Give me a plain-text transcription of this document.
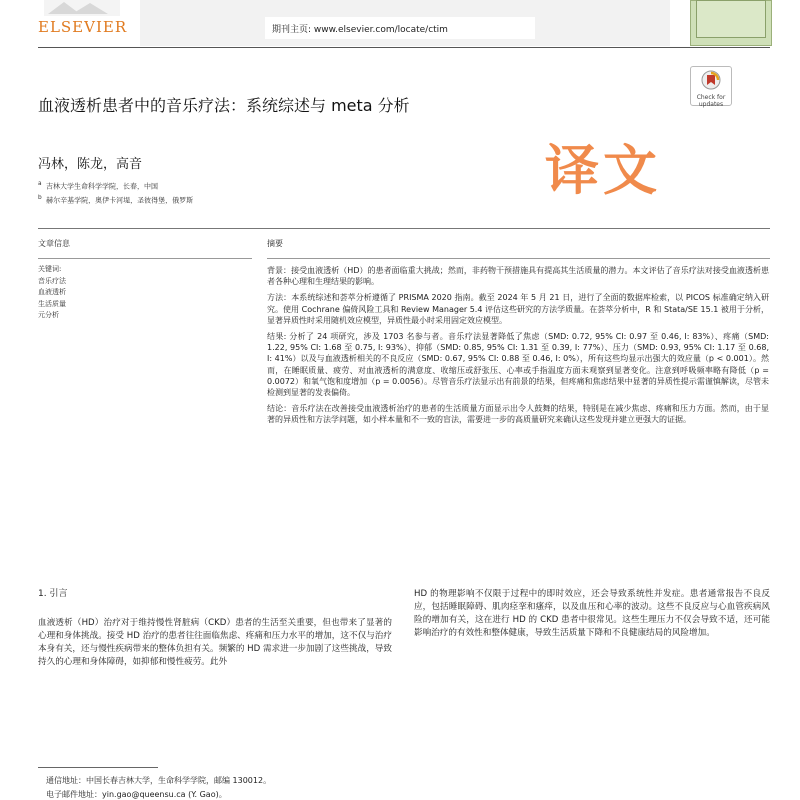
ELSEVIER	期刊主页: www.elsevier.com/locate/ctim
血液透析患者中的音乐疗法：系统综述与 meta 分析	Check for
updates
冯林，陈龙，高音	译文
$^a$ 吉林大学生命科学学院，长春，中国
$^b$ 赫尔辛基学院，奥伊卡河堤，圣彼得堡，俄罗斯
文章信息
关键词:
音乐疗法
血液透析
生活质量
元分析
摘要

背景：接受血液透析（HD）的患者面临重大挑战；然而，非药物干预措施具有提高其生活质量的潜力。本文评估了音乐疗法对接受血液透析患者各种心理和生理结果的影响。

方法：本系统综述和荟萃分析遵循了 PRISMA 2020 指南。截至 2024 年 5 月 21 日，进行了全面的数据库检索，以 PICOS 标准确定纳入研究。使用 Cochrane 偏倚风险工具和 Review Manager 5.4 评估这些研究的方法学质量。在荟萃分析中，R 和 Stata/SE 15.1 被用于分析，显著异质性时采用随机效应模型，异质性最小时采用固定效应模型。

结果: 分析了 24 项研究，涉及 1703 名参与者。音乐疗法显著降低了焦虑（SMD: 0.72, 95% CI: 0.97 至 0.46, I: 83%）、疼痛（SMD: 1.22, 95% CI: 1.68 至 0.75, I: 93%）、抑郁（SMD: 0.85, 95% CI: 1.31 至 0.39, I: 77%）、压力（SMD: 0.93, 95% CI: 1.17 至 0.68, I: 41%）以及与血液透析相关的不良反应（SMD: 0.67, 95% CI: 0.88 至 0.46, I: 0%），所有这些均显示出强大的效应量（p < 0.001）。然而，在睡眠质量、疲劳、对血液透析的满意度、收缩压或舒张压、心率或手指温度方面未观察到显著变化。注意到呼吸频率略有降低（p = 0.0072）和氧气饱和度增加（p = 0.0056）。尽管音乐疗法显示出有前景的结果，但疼痛和焦虑结果中显著的异质性提示需谨慎解读，尽管未检测到显著的发表偏倚。

结论：音乐疗法在改善接受血液透析治疗的患者的生活质量方面显示出令人鼓舞的结果，特别是在减少焦虑、疼痛和压力方面。然而，由于显著的异质性和方法学问题，如小样本量和不一致的盲法，需要进一步的高质量研究来确认这些发现并建立更强大的证据。

1. 引言
血液透析（HD）治疗对于维持慢性肾脏病（CKD）患者的生活至关重要，但也带来了显著的心理和身体挑战。接受 HD 治疗的患者往往面临焦虑、疼痛和压力水平的增加，这不仅与治疗本身有关，还与慢性疾病带来的整体负担有关。频繁的 HD 需求进一步加剧了这些挑战，导致持久的心理和身体障碍，如抑郁和慢性疲劳。此外
HD 的物理影响不仅限于过程中的即时效应，还会导致系统性并发症。患者通常报告不良反应，包括睡眠障碍、肌肉痉挛和瘙痒，以及血压和心率的波动。这些不良反应与心血管疾病风险的增加有关，这在进行 HD 的 CKD 患者中很常见。这些生理压力不仅会导致不适，还可能影响治疗的有效性和整体健康，导致生活质量下降和不良健康结局的风险增加。
通信地址：中国长春吉林大学，生命科学学院，邮编 130012。
电子邮件地址：yin.gao@queensu.ca (Y. Gao)。
